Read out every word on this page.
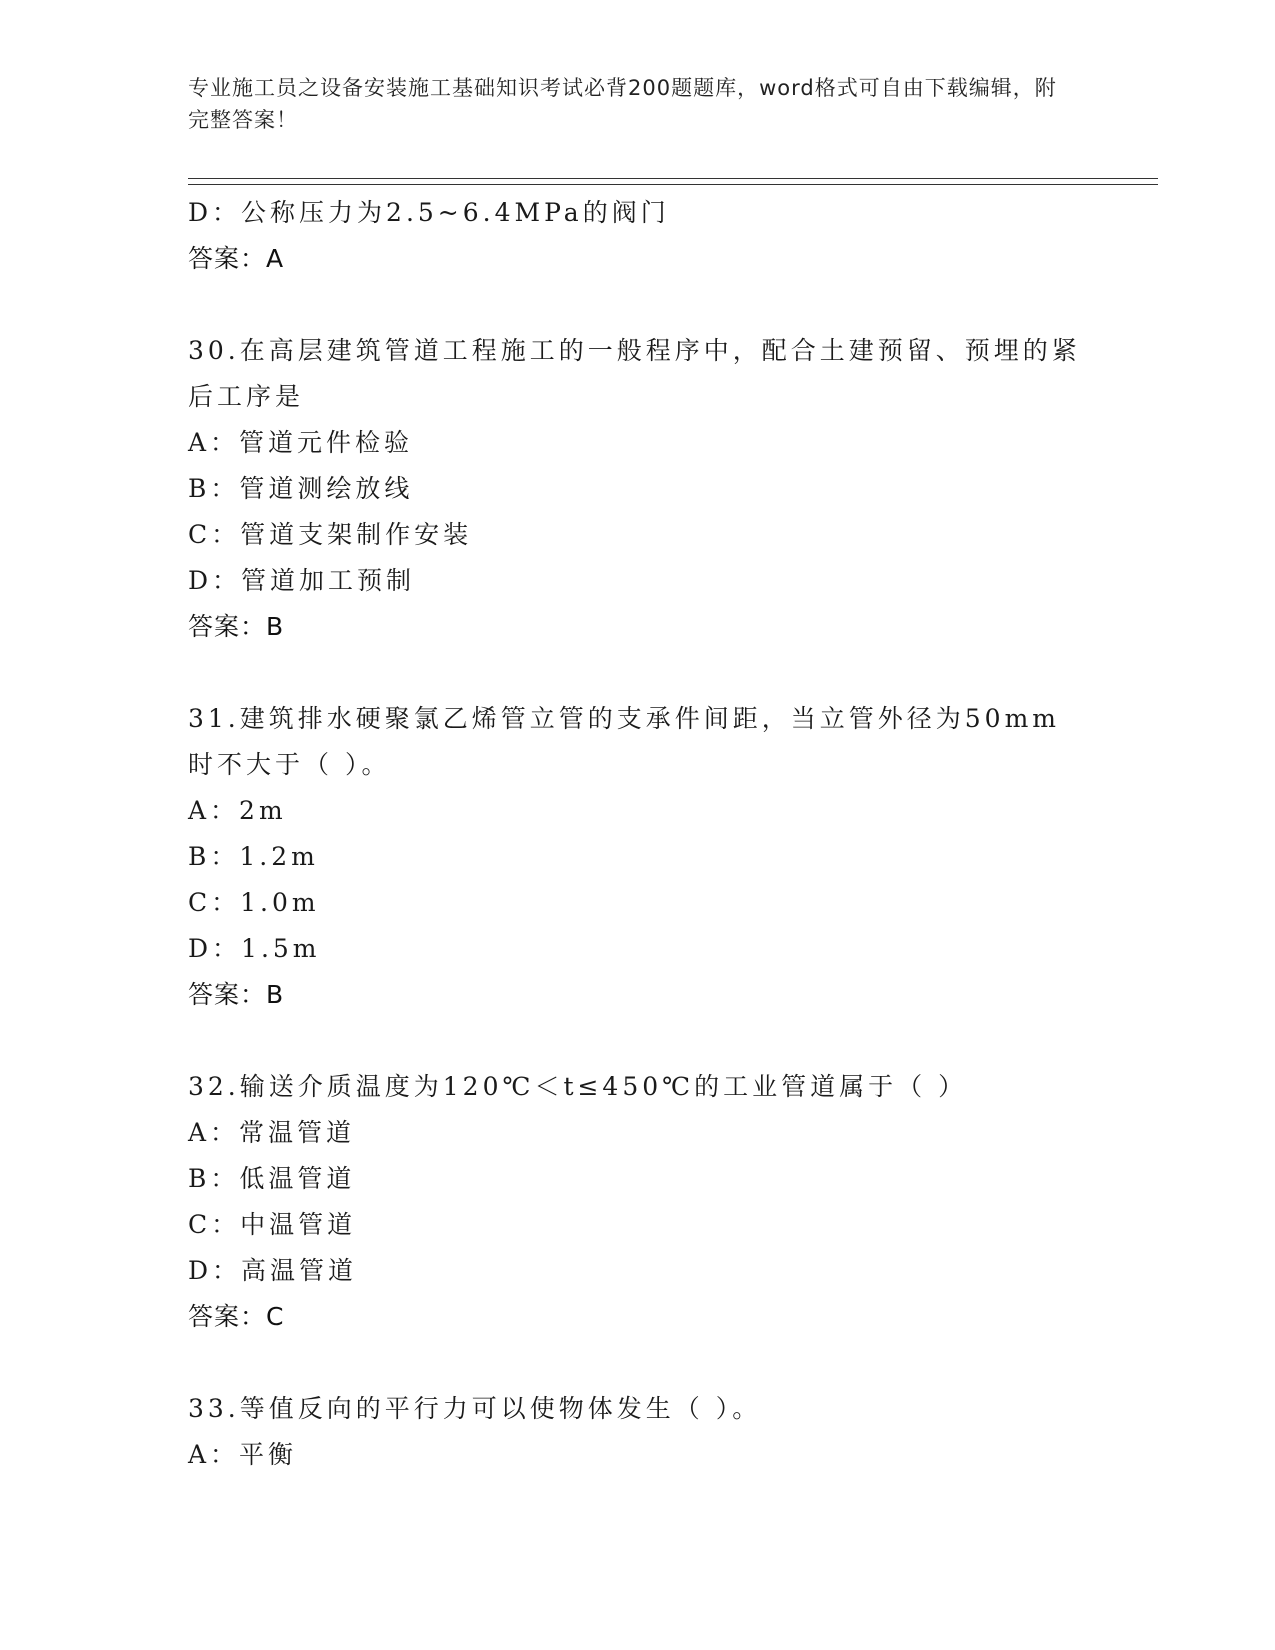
专业施工员之设备安装施工基础知识考试必背200题题库，word格式可自由下载编辑，附完整答案！
D：公称压力为2.5~6.4MPa的阀门
答案：A
30.在高层建筑管道工程施工的一般程序中，配合土建预留、预埋的紧后工序是
A：管道元件检验
B：管道测绘放线
C：管道支架制作安装
D：管道加工预制
答案：B
31.建筑排水硬聚氯乙烯管立管的支承件间距，当立管外径为50mm时不大于（ ）。
A：2m
B：1.2m
C：1.0m
D：1.5m
答案：B
32.输送介质温度为120℃＜t≤450℃的工业管道属于（ ）
A：常温管道
B：低温管道
C：中温管道
D：高温管道
答案：C
33.等值反向的平行力可以使物体发生（ ）。
A：平衡
